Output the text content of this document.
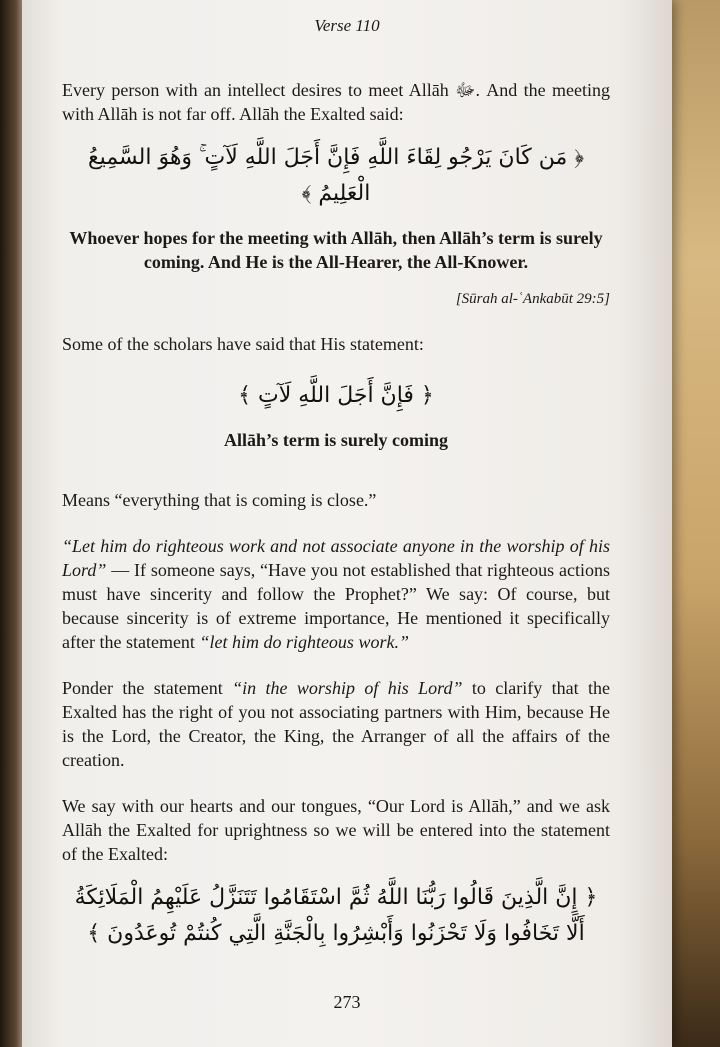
Verse 110

Every person with an intellect desires to meet Allāh ﷻ. And the meeting with Allāh is not far off. Allāh the Exalted said:

﴿ مَن كَانَ يَرْجُو لِقَاءَ اللَّهِ فَإِنَّ أَجَلَ اللَّهِ لَآتٍ ۚ وَهُوَ السَّمِيعُ الْعَلِيمُ ﴾
Whoever hopes for the meeting with Allāh, then Allāh’s term is surely coming. And He is the All-Hearer, the All-Knower.
[Sūrah al-ʿAnkabūt 29:5]

Some of the scholars have said that His statement:

﴿ فَإِنَّ أَجَلَ اللَّهِ لَآتٍ ﴾
Allāh’s term is surely coming

Means “everything that is coming is close.”

“Let him do righteous work and not associate anyone in the worship of his Lord” — If someone says, “Have you not established that righteous actions must have sincerity and follow the Prophet?” We say: Of course, but because sincerity is of extreme importance, He mentioned it specifically after the statement “let him do righteous work.”

Ponder the statement “in the worship of his Lord” to clarify that the Exalted has the right of you not associating partners with Him, because He is the Lord, the Creator, the King, the Arranger of all the affairs of the creation.

We say with our hearts and our tongues, “Our Lord is Allāh,” and we ask Allāh the Exalted for uprightness so we will be entered into the statement of the Exalted:

﴿ إِنَّ الَّذِينَ قَالُوا رَبُّنَا اللَّهُ ثُمَّ اسْتَقَامُوا تَتَنَزَّلُ عَلَيْهِمُ الْمَلَائِكَةُ أَلَّا تَخَافُوا وَلَا تَحْزَنُوا وَأَبْشِرُوا بِالْجَنَّةِ الَّتِي كُنتُمْ تُوعَدُونَ ﴾
273
